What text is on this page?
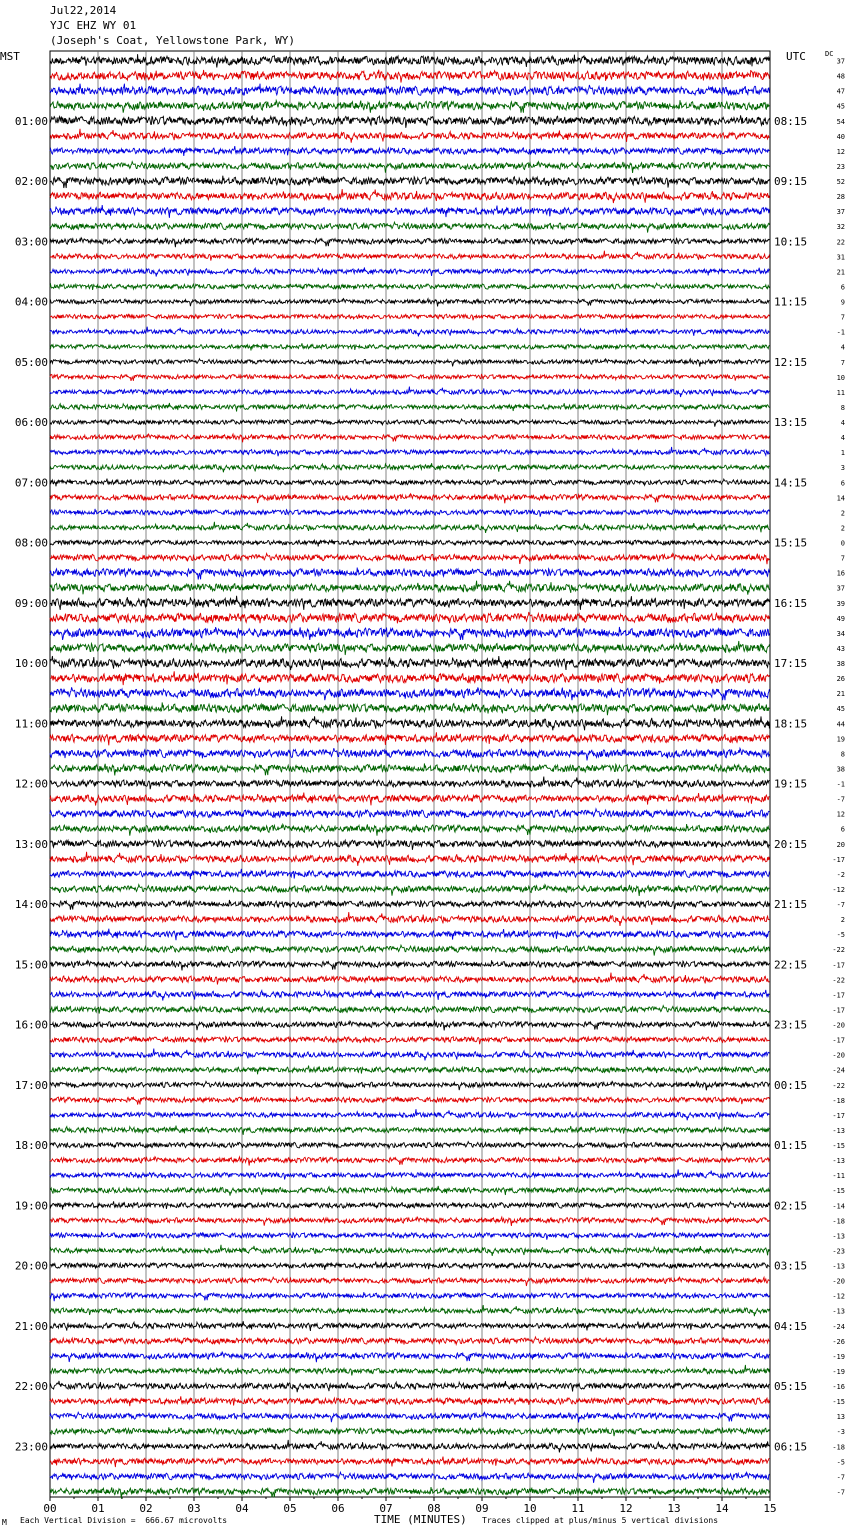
Jul22,2014
YJC EHZ WY 01
(Joseph's Coat, Yellowstone Park, WY)
MST	UTC	DC
00	01	02	03	04	05	06	07	08	09	10	11	12	13	14	15
37
48
47
45
54
01:00	08:15
40
12
23
52
02:00	09:15
28
37
32
22
03:00	10:15
31
21
6
9
04:00	11:15
7
-1
4
7
05:00	12:15
10
11
8
4
06:00	13:15
4
1
3
6
07:00	14:15
14
2
2
0
08:00	15:15
7
16
37
39
09:00	16:15
49
34
43
38
10:00	17:15
26
21
45
44
11:00	18:15
19
8
38
-1
12:00	19:15
-7
12
6
20
13:00	20:15
-17
-2
-12
-7
14:00	21:15
2
-5
-22
-17
15:00	22:15
-22
-17
-17
-20
16:00	23:15
-17
-20
-24
-22
17:00	00:15
-18
-17
-13
-15
18:00	01:15
-13
-11
-15
-14
19:00	02:15
-18
-13
-23
-13
20:00	03:15
-20
-12
-13
-24
21:00	04:15
-26
-19
-19
-16
22:00	05:15
-15
13
-3
-18
23:00	06:15
-5
-7
-7
M Each Vertical Division =  666.67 microvolts	TIME (MINUTES) Traces clipped at plus/minus 5 vertical divisions
